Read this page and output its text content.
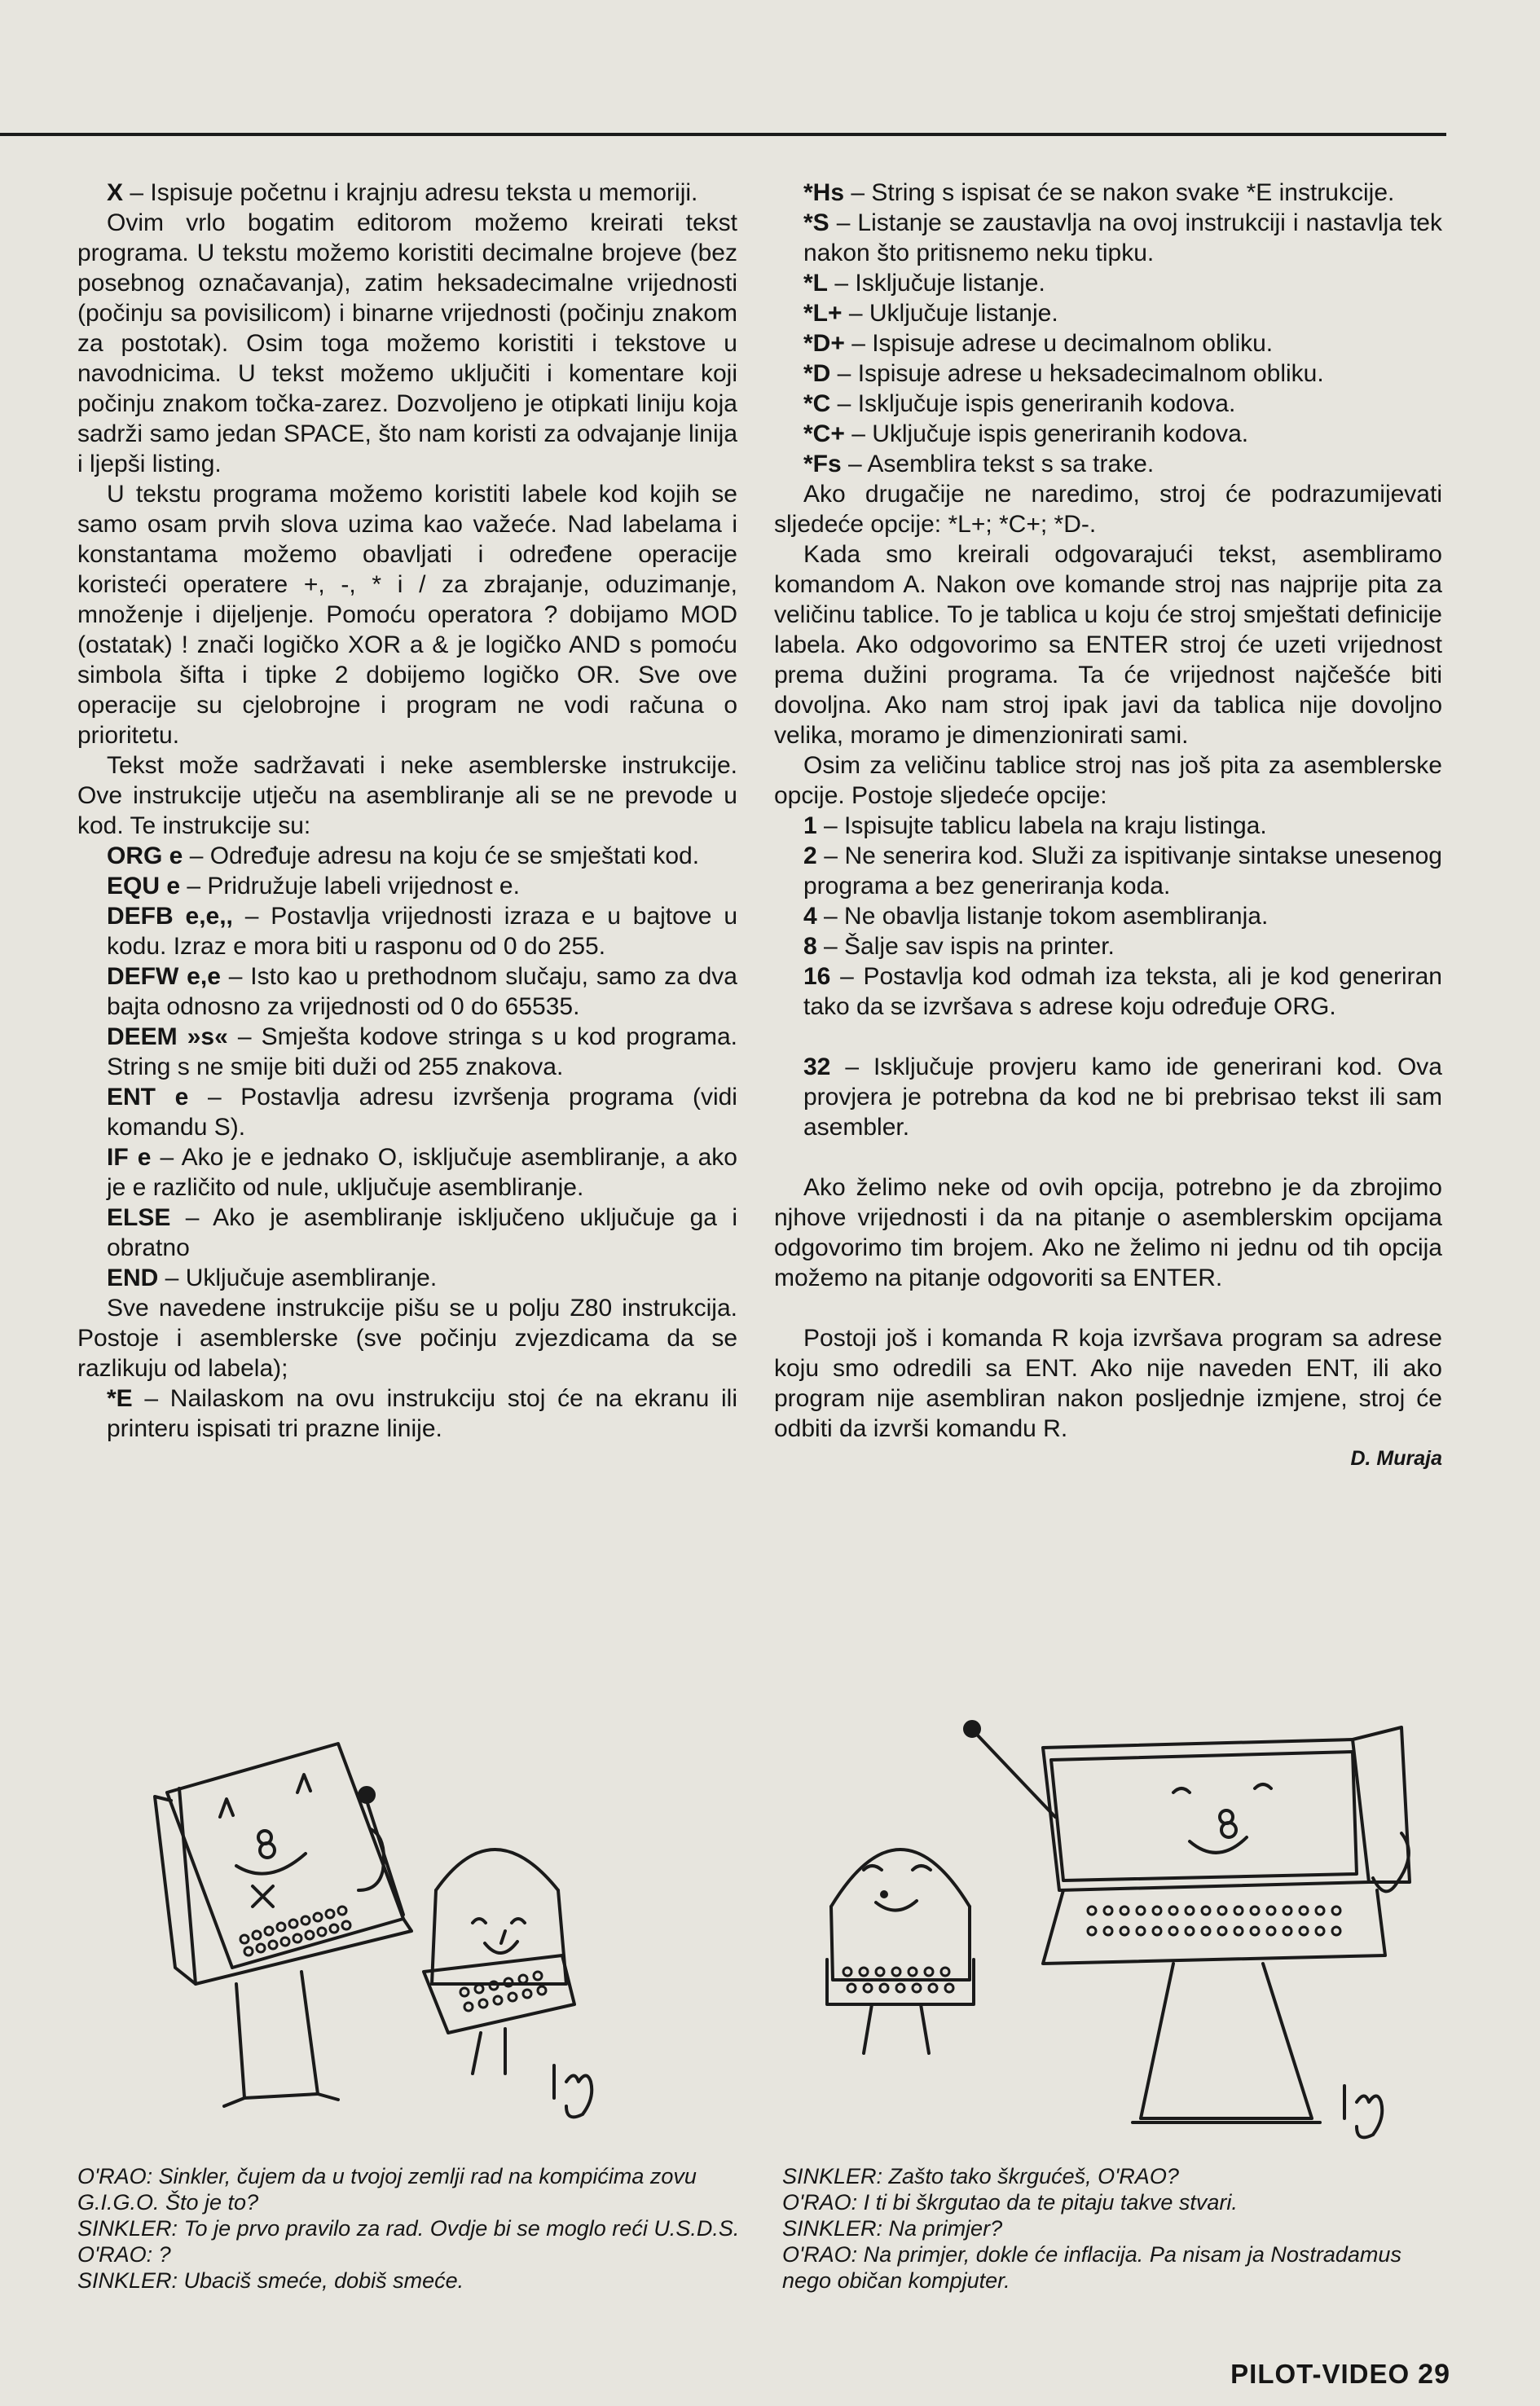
X – Ispisuje početnu i krajnju adresu teksta u memoriji.

Ovim vrlo bogatim editorom možemo kreirati tekst programa. U tekstu možemo koristiti decimalne brojeve (bez posebnog označavanja), zatim heksadecimalne vrijednosti (počinju sa povisilicom) i binarne vrijednosti (počinju znakom za postotak). Osim toga možemo koristiti i tekstove u navodnicima. U tekst možemo uključiti i komentare koji počinju znakom točka-zarez. Dozvoljeno je otipkati liniju koja sadrži samo jedan SPACE, što nam koristi za odvajanje linija i ljepši listing.

U tekstu programa možemo koristiti labele kod kojih se samo osam prvih slova uzima kao važeće. Nad labelama i konstantama možemo obavljati i određene operacije koristeći operatere +, -, * i / za zbrajanje, oduzimanje, množenje i dijeljenje. Pomoću operatora ? dobijamo MOD (ostatak) ! znači logičko XOR a & je logičko AND s pomoću simbola šifta i tipke 2 dobijemo logičko OR. Sve ove operacije su cjelobrojne i program ne vodi računa o prioritetu.

Tekst može sadržavati i neke asemblerske instrukcije. Ove instrukcije utječu na asembliranje ali se ne prevode u kod. Te instrukcije su:

ORG e – Određuje adresu na koju će se smještati kod.

EQU e – Pridružuje labeli vrijednost e.

DEFB e,e,, – Postavlja vrijednosti izraza e u bajtove u kodu. Izraz e mora biti u rasponu od 0 do 255.

DEFW e,e – Isto kao u prethodnom slučaju, samo za dva bajta odnosno za vrijednosti od 0 do 65535.

DEEM »s« – Smješta kodove stringa s u kod programa. String s ne smije biti duži od 255 znakova.

ENT e – Postavlja adresu izvršenja programa (vidi komandu S).

IF e – Ako je e jednako O, isključuje asembliranje, a ako je e različito od nule, uključuje asembliranje.

ELSE – Ako je asembliranje isključeno uključuje ga i obratno

END – Uključuje asembliranje.

Sve navedene instrukcije pišu se u polju Z80 instrukcija. Postoje i asemblerske (sve počinju zvjezdicama da se razlikuju od labela);

*E – Nailaskom na ovu instrukciju stoj će na ekranu ili printeru ispisati tri prazne linije.

*Hs – String s ispisat će se nakon svake *E instrukcije.

*S – Listanje se zaustavlja na ovoj instrukciji i nastavlja tek nakon što pritisnemo neku tipku.

*L – Isključuje listanje.

*L+ – Uključuje listanje.

*D+ – Ispisuje adrese u decimalnom obliku.

*D – Ispisuje adrese u heksadecimalnom obliku.

*C – Isključuje ispis generiranih kodova.

*C+ – Uključuje ispis generiranih kodova.

*Fs – Asemblira tekst s sa trake.

Ako drugačije ne naredimo, stroj će podrazumijevati sljedeće opcije: *L+; *C+; *D-.

Kada smo kreirali odgovarajući tekst, asembliramo komandom A. Nakon ove komande stroj nas najprije pita za veličinu tablice. To je tablica u koju će stroj smještati definicije labela. Ako odgovorimo sa ENTER stroj će uzeti vrijednost prema dužini programa. Ta će vrijednost najčešće biti dovoljna. Ako nam stroj ipak javi da tablica nije dovoljno velika, moramo je dimenzionirati sami.

Osim za veličinu tablice stroj nas još pita za asemblerske opcije. Postoje sljedeće opcije:

1 – Ispisujte tablicu labela na kraju listinga.

2 – Ne senerira kod. Služi za ispitivanje sintakse unesenog programa a bez generiranja koda.

4 – Ne obavlja listanje tokom asembliranja.

8 – Šalje sav ispis na printer.

16 – Postavlja kod odmah iza teksta, ali je kod generiran tako da se izvršava s adrese koju određuje ORG.

32 – Isključuje provjeru kamo ide generirani kod. Ova provjera je potrebna da kod ne bi prebrisao tekst ili sam asembler.

Ako želimo neke od ovih opcija, potrebno je da zbrojimo njhove vrijednosti i da na pitanje o asemblerskim opcijama odgovorimo tim brojem. Ako ne želimo ni jednu od tih opcija možemo na pitanje odgovoriti sa ENTER.

Postoji još i komanda R koja izvršava program sa adrese koju smo odredili sa ENT. Ako nije naveden ENT, ili ako program nije asembliran nakon posljednje izmjene, stroj će odbiti da izvrši komandu R.

D. Muraja

O'RAO: Sinkler, čujem da u tvojoj zemlji rad na kompićima zovu G.I.G.O. Što je to?

SINKLER: To je prvo pravilo za rad. Ovdje bi se moglo reći U.S.D.S.

O'RAO: ?

SINKLER: Ubaciš smeće, dobiš smeće.

SINKLER: Zašto tako škrgućeš, O'RAO?

O'RAO: I ti bi škrgutao da te pitaju takve stvari.

SINKLER: Na primjer?

O'RAO: Na primjer, dokle će inflacija. Pa nisam ja Nostradamus nego običan kompjuter.

PILOT-VIDEO 29
